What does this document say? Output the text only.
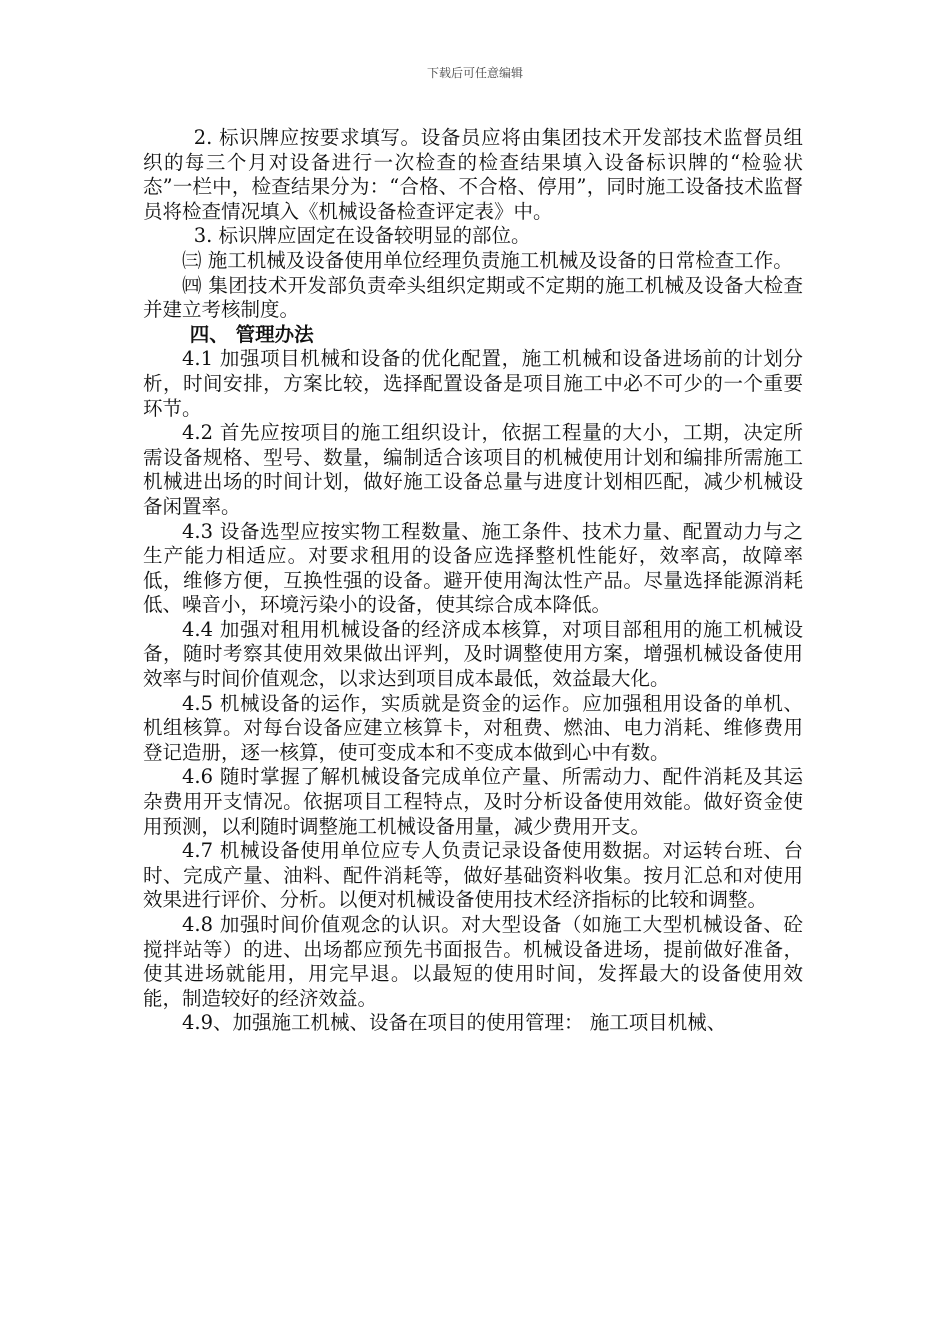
下载后可任意编辑

2. 标识牌应按要求填写。设备员应将由集团技术开发部技术监督员组织的每三个月对设备进行一次检查的检查结果填入设备标识牌的“检验状态”一栏中，检查结果分为：“合格、不合格、停用”，同时施工设备技术监督员将检查情况填入《机械设备检查评定表》中。

3. 标识牌应固定在设备较明显的部位。

㈢ 施工机械及设备使用单位经理负责施工机械及设备的日常检查工作。

㈣ 集团技术开发部负责牵头组织定期或不定期的施工机械及设备大检查并建立考核制度。

四、 管理办法

4.1 加强项目机械和设备的优化配置，施工机械和设备进场前的计划分析，时间安排，方案比较，选择配置设备是项目施工中必不可少的一个重要环节。

4.2 首先应按项目的施工组织设计，依据工程量的大小，工期，决定所需设备规格、型号、数量，编制适合该项目的机械使用计划和编排所需施工机械进出场的时间计划，做好施工设备总量与进度计划相匹配，减少机械设备闲置率。

4.3 设备选型应按实物工程数量、施工条件、技术力量、配置动力与之生产能力相适应。对要求租用的设备应选择整机性能好，效率高，故障率低，维修方便，互换性强的设备。避开使用淘汰性产品。尽量选择能源消耗低、噪音小，环境污染小的设备，使其综合成本降低。

4.4 加强对租用机械设备的经济成本核算，对项目部租用的施工机械设备，随时考察其使用效果做出评判，及时调整使用方案，增强机械设备使用效率与时间价值观念，以求达到项目成本最低，效益最大化。

4.5 机械设备的运作，实质就是资金的运作。应加强租用设备的单机、机组核算。对每台设备应建立核算卡，对租费、燃油、电力消耗、维修费用登记造册，逐一核算，使可变成本和不变成本做到心中有数。

4.6 随时掌握了解机械设备完成单位产量、所需动力、配件消耗及其运杂费用开支情况。依据项目工程特点，及时分析设备使用效能。做好资金使用预测，以利随时调整施工机械设备用量，减少费用开支。

4.7 机械设备使用单位应专人负责记录设备使用数据。对运转台班、台时、完成产量、油料、配件消耗等，做好基础资料收集。按月汇总和对使用效果进行评价、分析。以便对机械设备使用技术经济指标的比较和调整。

4.8 加强时间价值观念的认识。对大型设备（如施工大型机械设备、砼搅拌站等）的进、出场都应预先书面报告。机械设备进场，提前做好准备，使其进场就能用，用完早退。以最短的使用时间，发挥最大的设备使用效能，制造较好的经济效益。

4.9、加强施工机械、设备在项目的使用管理： 施工项目机械、
